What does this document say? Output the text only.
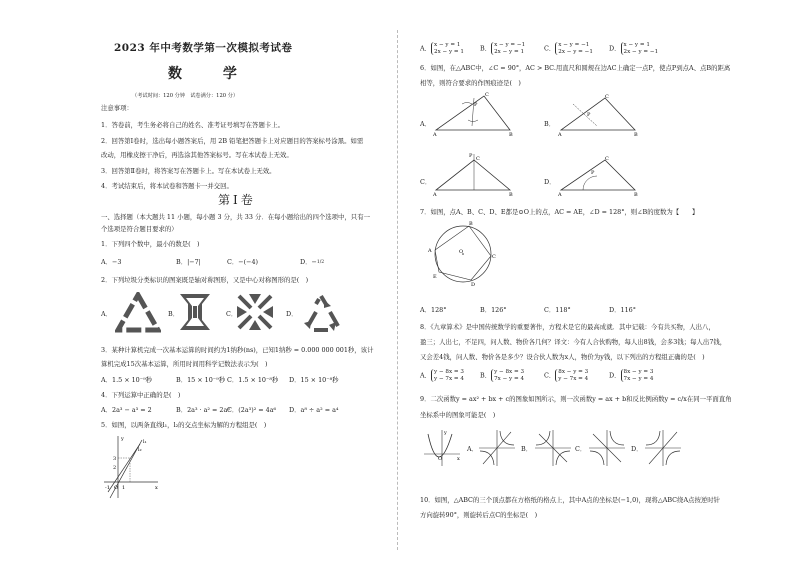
2023 年中考数学第一次模拟考试卷
数 学
（考试时间：120 分钟　试卷满分：120 分）
注意事项：
1．答卷前，考生务必将自己的姓名、准考证号填写在答题卡上。
2．回答第Ⅰ卷时，选出每小题答案后，用 2B 铅笔把答题卡上对应题目的答案标号涂黑。如需
改动，用橡皮擦干净后，再选涂其他答案标号。写在本试卷上无效。
3．回答第Ⅱ卷时，将答案写在答题卡上。写在本试卷上无效。
4．考试结束后，将本试卷和答题卡一并交回。
第Ⅰ卷
一、选择题（本大题共 11 小题，每小题 3 分，共 33 分．在每小题给出的四个选项中，只有一
个选项是符合题目要求的）
1．下列四个数中，最小的数是(　)
A．−3	B．|−7|	C．−(−4)	D．−1/2
2．下列垃圾分类标识的图案既是轴对称图形，又是中心对称图形的是(　)
A．	B．	C．	D．
3．某种计算机完成一次基本运算的时间约为1纳秒(ns)，已知1纳秒 = 0.000 000 001秒，该计
算机完成15次基本运算，所用时间用科学记数法表示为(　)
A．1.5 × 10⁻⁹秒	B．15 × 10⁻⁹秒 C．1.5 × 10⁻⁸秒 D．15 × 10⁻⁸秒
4．下列运算中正确的是(　)
A．2a³ − a³ = 2	B．2a³ · a² = 2a⁶
C．(2a³)² = 4a⁶ D．a⁸ ÷ a² = a⁴
5．如图，以两条直线l₁，l₂的交点坐标为解的方程组是(　)
y
x
O
l₁
l₂
3
2
-1 1
A． x − y = 1
2x − y = 1	B． x − y = −1
2x − y = 1	C． x − y = −1
2x − y = −1	D． x − y = 1
2x − y = −1
6．如图，在△ABC中，∠C = 90°，AC > BC.用直尺和圆规在边AC上确定一点P，使点P到点A、点B的距离
相等，则符合要求的作图痕迹是(　)
A．
A	B
C
P
B．
A	B
C
P
C．
A	B
C
P
D．
A	B
C
P
7．如图，点A、B、C、D、E都是⊙O上的点，AC = AE，∠D = 128°，则∠B的度数为【　　】
A
B
C
D
E
O
A．128°	B．126°	C．118°	D．116°
8．《九章算术》是中国传统数学的重要著作，方程术是它的最高成就．其中记载：今有共买物，人出八，
盈三；人出七，不足四，问人数、物价各几何？译文：今有人合伙购物，每人出8钱，会多3钱；每人出7钱，
又会差4钱，问人数、物价各是多少？设合伙人数为x人，物价为y钱，以下列出的方程组正确的是(　)
A． y − 8x = 3
y − 7x = 4	B． y − 8x = 3
7x − y = 4	C． 8x − y = 3
y − 7x = 4	D． 8x − y = 3
7x − y = 4
9．二次函数y = ax² + bx + c的图象如图所示，则一次函数y = ax + b和反比例函数y = c/x在同一平面直角
坐标系中的图象可能是(　)
x
y
O
A．	B．	C．	D．
10．如图，△ABC的三个顶点都在方格纸的格点上，其中A点的坐标是(−1,0)，现将△ABC绕A点按逆时针
方向旋转90°，则旋转后点C的坐标是(　)
